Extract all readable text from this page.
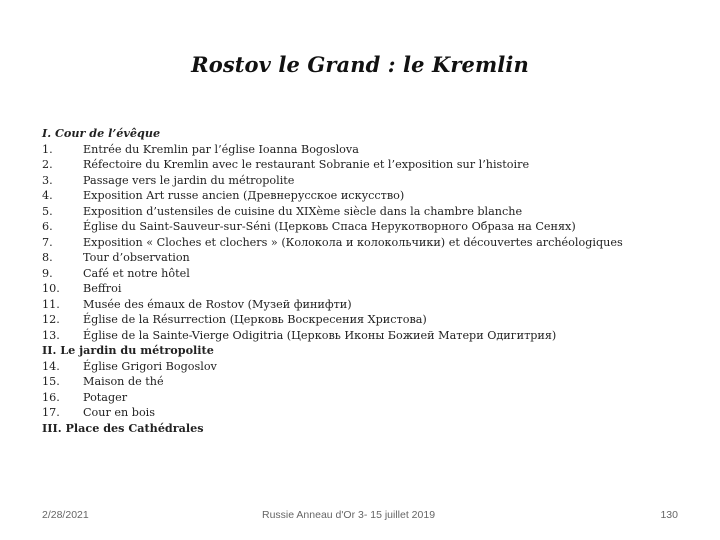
Rostov le Grand : le Kremlin
I. Cour de l’évêque
1.	Entrée du Kremlin par l’église Ioanna Bogoslova
2.	Réfectoire du Kremlin avec le restaurant Sobranie et l’exposition sur l’histoire
3.	Passage vers le jardin du métropolite
4.	Exposition Art russe ancien (Древнерусское искусство)
5.	Exposition d’ustensiles de cuisine du XIXème siècle dans la chambre blanche
6.	Église du Saint-Sauveur-sur-Séni (Церковь Спаса Нерукотворного Образа на Сенях)
7.	Exposition « Cloches et clochers » (Колокола и колокольчики) et découvertes archéologiques
8.	Tour d’observation
9.	Café et notre hôtel
10. Beffroi
11. Musée des émaux de Rostov (Музей финифти)
12. Église de la Résurrection (Церковь Воскресения Христова)
13. Église de la Sainte-Vierge Odigitria (Церковь Иконы Божией Матери Одигитрия)
II. Le jardin du métropolite
14. Église Grigori Bogoslov
15. Maison de thé
16. Potager
17. Cour en bois
III. Place des Cathédrales
2/28/2021	Russie Anneau d'Or 3- 15 juillet 2019	130
